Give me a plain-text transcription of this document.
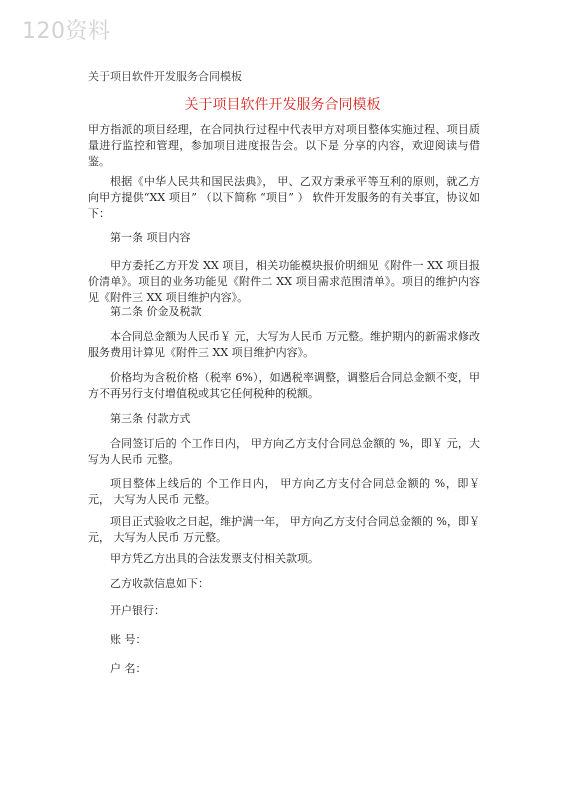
120资料
关于项目软件开发服务合同模板
关于项目软件开发服务合同模板
甲方指派的项目经理，在合同执行过程中代表甲方对项目整体实施过程、项目质量进行监控和管理，参加项目进度报告会。以下是 分享的内容，欢迎阅读与借鉴。
根据《中华人民共和国民法典》， 甲、乙双方秉承平等互利的原则，就乙方向甲方提供“XX 项目” （以下简称 “项目” ） 软件开发服务的有关事宜，协议如下：
第一条 项目内容
甲方委托乙方开发 XX 项目，相关功能模块报价明细见《附件一 XX 项目报价清单》。项目的业务功能见《附件二 XX 项目需求范围清单》。项目的维护内容见《附件三 XX 项目维护内容》。
第二条 价金及税款
本合同总金额为人民币￥ 元，大写为人民币 万元整。维护期内的新需求修改服务费用计算见《附件三 XX 项目维护内容》。
价格均为含税价格（税率 6%），如遇税率调整，调整后合同总金额不变，甲方不再另行支付增值税或其它任何税种的税额。
第三条 付款方式
合同签订后的 个工作日内， 甲方向乙方支付合同总金额的 %，即￥ 元，大写为人民币 元整。
项目整体上线后的 个工作日内， 甲方向乙方支付合同总金额的 %，即￥ 元， 大写为人民币 元整。
项目正式验收之日起，维护满一年， 甲方向乙方支付合同总金额的 %，即￥ 元， 大写为人民币 万元整。
甲方凭乙方出具的合法发票支付相关款项。
乙方收款信息如下：
开户银行：
账 号：
户 名：
